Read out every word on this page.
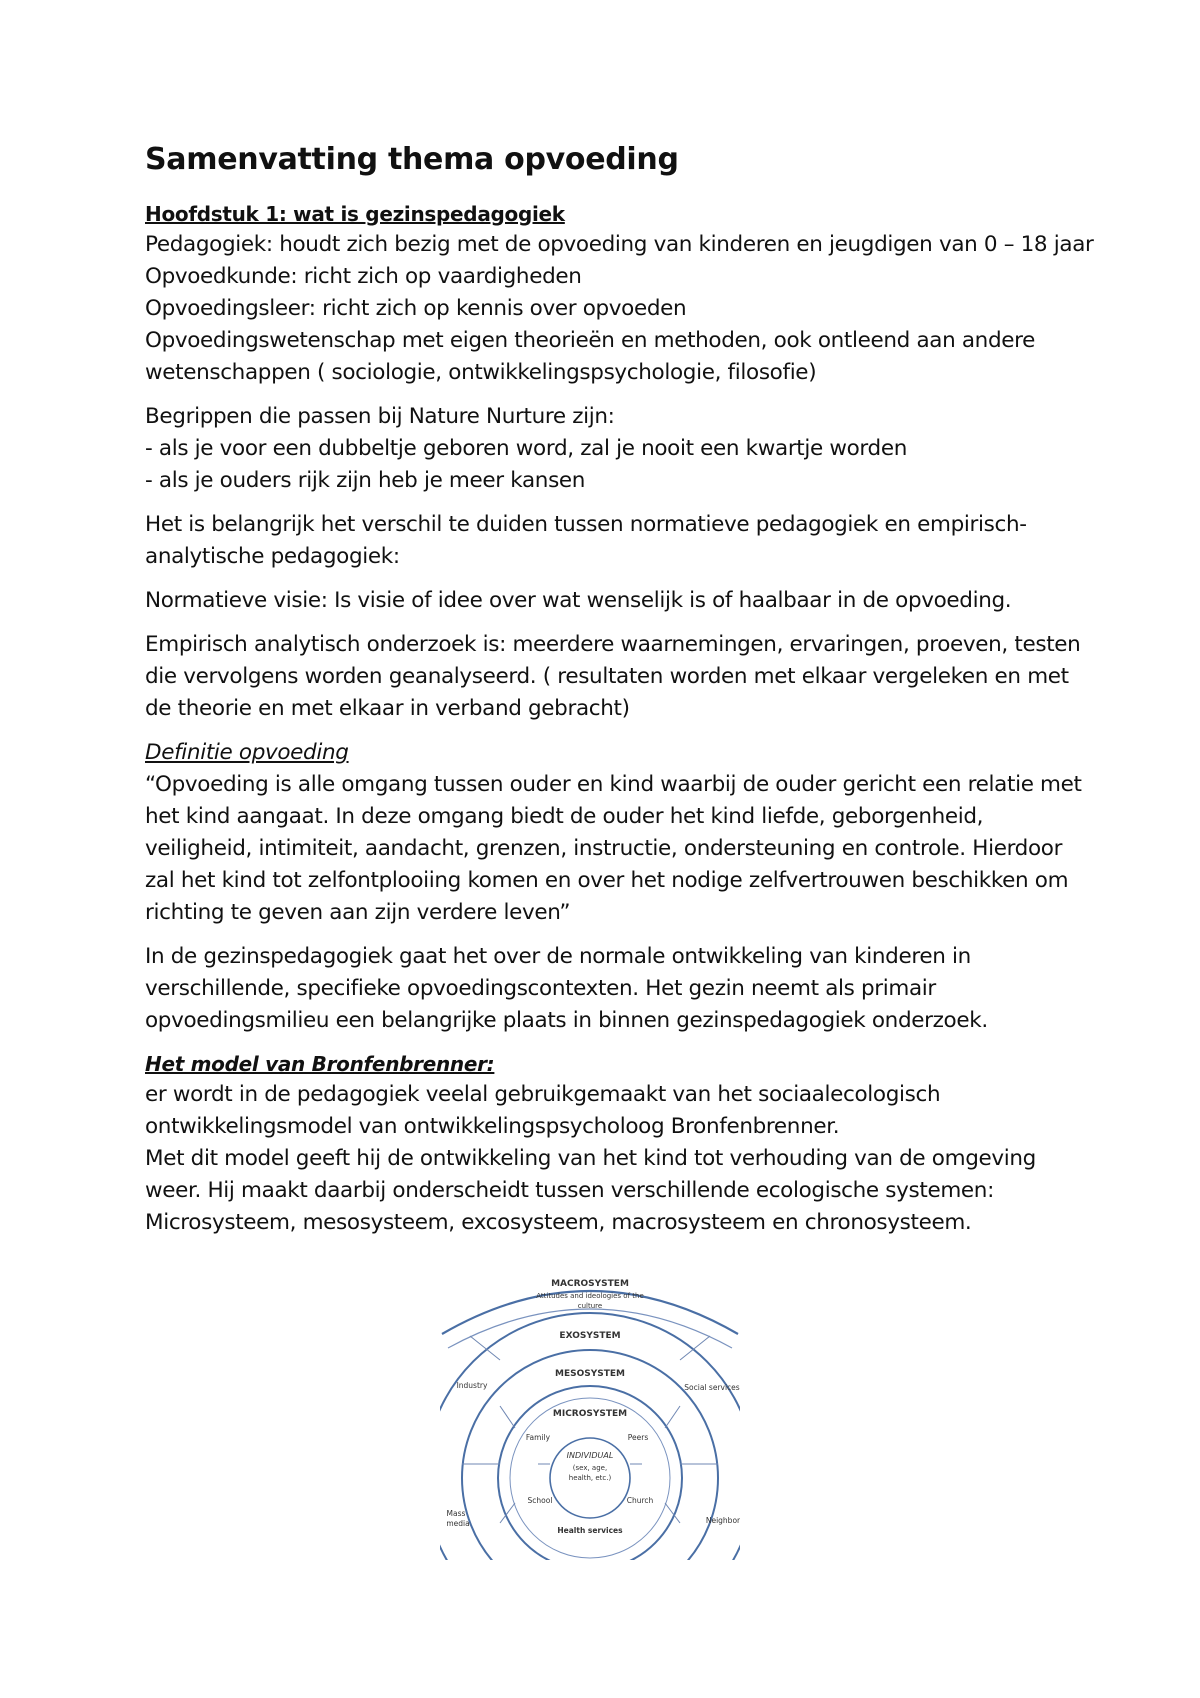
Samenvatting thema opvoeding
Hoofdstuk 1: wat is gezinspedagogiek
Pedagogiek: houdt zich bezig met de opvoeding van kinderen en jeugdigen van 0 – 18 jaar
Opvoedkunde: richt zich op vaardigheden
Opvoedingsleer: richt zich op kennis over opvoeden
Opvoedingswetenschap met eigen theorieën en methoden, ook ontleend aan andere
wetenschappen ( sociologie, ontwikkelingspsychologie, filosofie)
Begrippen die passen bij Nature Nurture zijn:
- als je voor een dubbeltje geboren word, zal je nooit een kwartje worden
- als je ouders rijk zijn heb je meer kansen
Het is belangrijk het verschil te duiden tussen normatieve pedagogiek en empirisch-
analytische pedagogiek:
Normatieve visie: Is visie of idee over wat wenselijk is of haalbaar in de opvoeding.
Empirisch analytisch onderzoek is: meerdere waarnemingen, ervaringen, proeven, testen
die vervolgens worden geanalyseerd. ( resultaten worden met elkaar vergeleken en met
de theorie en met elkaar in verband gebracht)
Definitie opvoeding
“Opvoeding is alle omgang tussen ouder en kind waarbij de ouder gericht een relatie met
het kind aangaat. In deze omgang biedt de ouder het kind liefde, geborgenheid,
veiligheid, intimiteit, aandacht, grenzen, instructie, ondersteuning en controle. Hierdoor
zal het kind tot zelfontplooiing komen en over het nodige zelfvertrouwen beschikken om
richting te geven aan zijn verdere leven”
In de gezinspedagogiek gaat het over de normale ontwikkeling van kinderen in
verschillende, specifieke opvoedingscontexten. Het gezin neemt als primair
opvoedingsmilieu een belangrijke plaats in binnen gezinspedagogiek onderzoek.
Het model van Bronfenbrenner:
er wordt in de pedagogiek veelal gebruikgemaakt van het sociaalecologisch
ontwikkelingsmodel van ontwikkelingspsycholoog Bronfenbrenner.
Met dit model geeft hij de ontwikkeling van het kind tot verhouding van de omgeving
weer. Hij maakt daarbij onderscheidt tussen verschillende ecologische systemen:
Microsysteem, mesosysteem, excosysteem, macrosysteem en chronosysteem.
MACROSYSTEM
Attitudes and ideologies of the
culture
EXOSYSTEM
MESOSYSTEM
MICROSYSTEM
INDIVIDUAL
(sex, age,
health, etc.)
Family	Peers
School	Church
Health services
Industry	Social services
Mass
media	Neighbor
